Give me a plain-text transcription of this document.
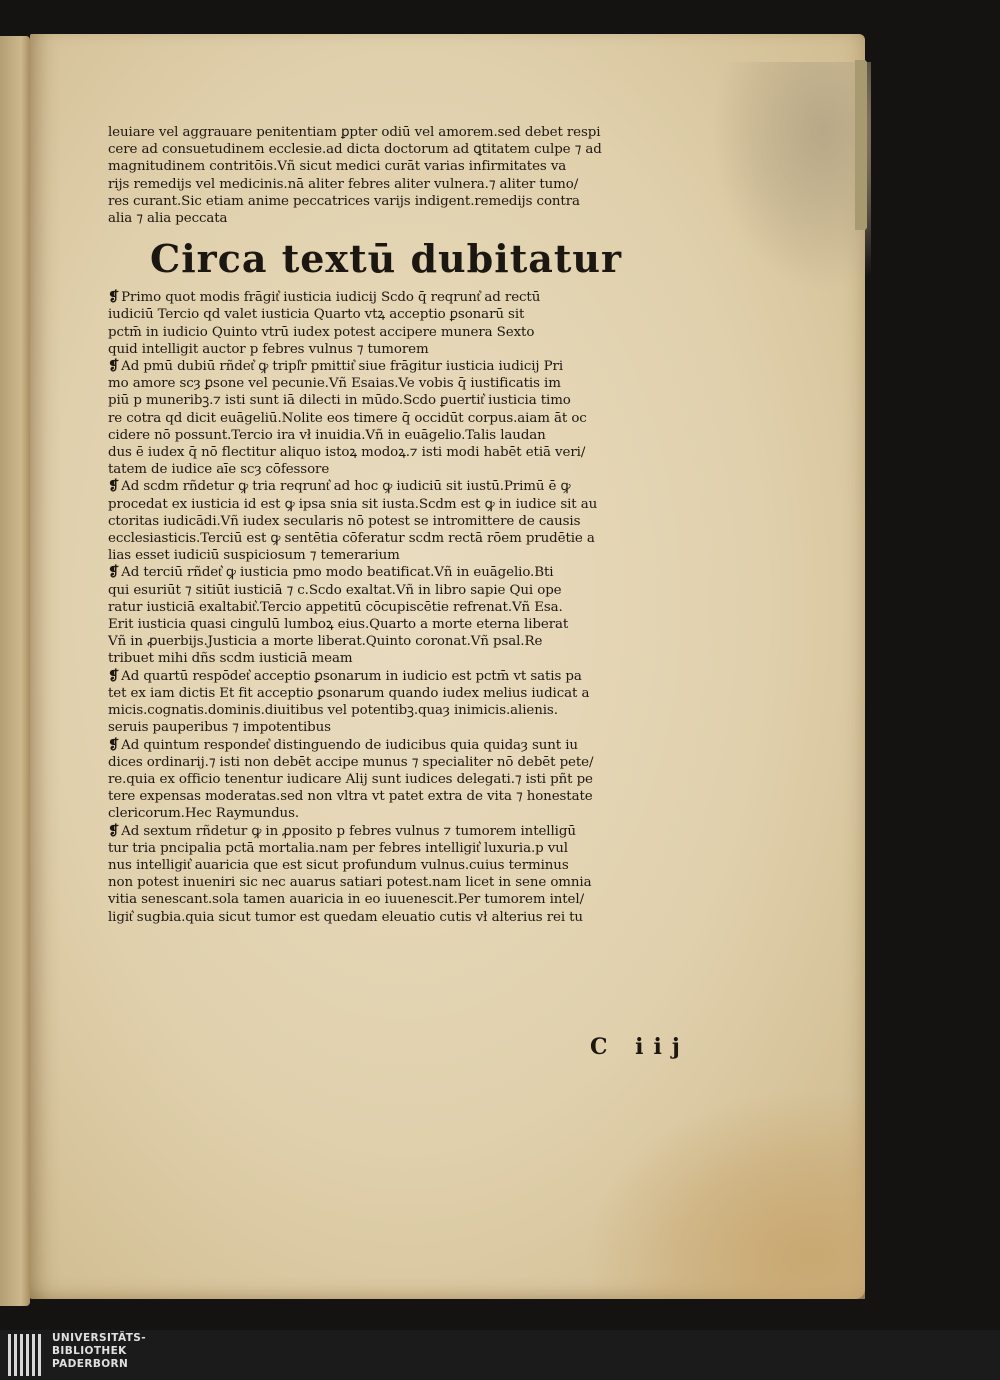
leuiare vel aggrauare penitentiam ꝑpter odiū vel amorem.sed debet respi
cere ad consuetudinem ecclesie.ad dicta doctorum ad ꝗtitatem culpe ⁊ ad
magnitudinem contritōis.Vñ sicut medici curāt varias infirmitates va
rijs remedijs vel medicinis.nā aliter febres aliter vulnera.⁊ aliter tumo/
res curant.Sic etiam anime peccatrices varijs indigent.remedijs contra
alia ⁊ alia peccata
Circa textū dubitatur
❡ Primo quot modis frāgit͛ iusticia iudicij Scdo q̄ reqrunt͛ ad rectū
iudiciū Tercio qd valet iusticia Quarto vtꝝ acceptio ꝑsonarū sit
pctm̄ in iudicio Quinto vtrū iudex potest accipere munera Sexto
quid intelligit auctor p febres vulnus ⁊ tumorem
❡ Ad pmū dubiū rñdet͛ ꝙ tripl͛r pmittit͛ siue frāgitur iusticia iudicij Pri
mo amore scȝ ꝑsone vel pecunie.Vñ Esaias.Ve vobis q̄ iustificatis im
piū p muneribꝫ.⁊ isti sunt iā dilecti in mūdo.Scdo ꝑuertit͛ iusticia timo
re cotra qd dicit euāgeliū.Nolite eos timere q̄ occidūt corpus.aiam āt oc
cidere nō possunt.Tercio ira vł inuidia.Vñ in euāgelio.Talis laudan
dus ē iudex q̄ nō flectitur aliquo istoꝝ modoꝝ.⁊ isti modi habēt etiā veri/
tatem de iudice aīe scȝ cōfessore
❡ Ad scdm rñdetur ꝙ tria reqrunt͛ ad hoc ꝙ iudiciū sit iustū.Primū ē ꝙ
procedat ex iusticia id est ꝙ ipsa snia sit iusta.Scdm est ꝙ in iudice sit au
ctoritas iudicādi.Vñ iudex secularis nō potest se intromittere de causis
ecclesiasticis.Terciū est ꝙ sentētia cōferatur scdm rectā rōem prudētie a
lias esset iudiciū suspiciosum ⁊ temerarium
❡ Ad terciū rñdet͛ ꝙ iusticia pmo modo beatificat.Vñ in euāgelio.Bti
qui esuriūt ⁊ sitiūt iusticiā ⁊ c.Scdo exaltat.Vñ in libro sapie Qui ope
ratur iusticiā exaltabit͛.Tercio appetitū cōcupiscētie refrenat.Vñ Esa.
Erit iusticia quasi cingulū lumboꝝ eius.Quarto a morte eterna liberat
Vñ in ꝓuerbijs.Justicia a morte liberat.Quinto coronat.Vñ psal.Re
tribuet mihi dñs scdm iusticiā meam
❡ Ad quartū respōdet͛ acceptio ꝑsonarum in iudicio est pctm̄ vt satis pa
tet ex iam dictis Et fit acceptio ꝑsonarum quando iudex melius iudicat a
micis.cognatis.dominis.diuitibus vel potentibꝫ.quaȝ inimicis.alienis.
seruis pauperibus ⁊ impotentibus
❡ Ad quintum respondet͛ distinguendo de iudicibus quia quidaȝ sunt iu
dices ordinarij.⁊ isti non debēt accipe munus ⁊ specialiter nō debēt pete/
re.quia ex officio tenentur iudicare Alij sunt iudices delegati.⁊ isti pñt pe
tere expensas moderatas.sed non vltra vt patet extra de vita ⁊ honestate
clericorum.Hec Raymundus.
❡ Ad sextum rñdetur ꝙ in ꝓposito p febres vulnus ⁊ tumorem intelligū
tur tria pncipalia pctā mortalia.nam per febres intelligit͛ luxuria.p vul
nus intelligit͛ auaricia que est sicut profundum vulnus.cuius terminus
non potest inueniri sic nec auarus satiari potest.nam licet in sene omnia
vitia senescant.sola tamen auaricia in eo iuuenescit.Per tumorem intel/
ligit͛ sugbia.quia sicut tumor est quedam eleuatio cutis vł alterius rei tu
C iij
UNIVERSITÄTS-
BIBLIOTHEK
PADERBORN
